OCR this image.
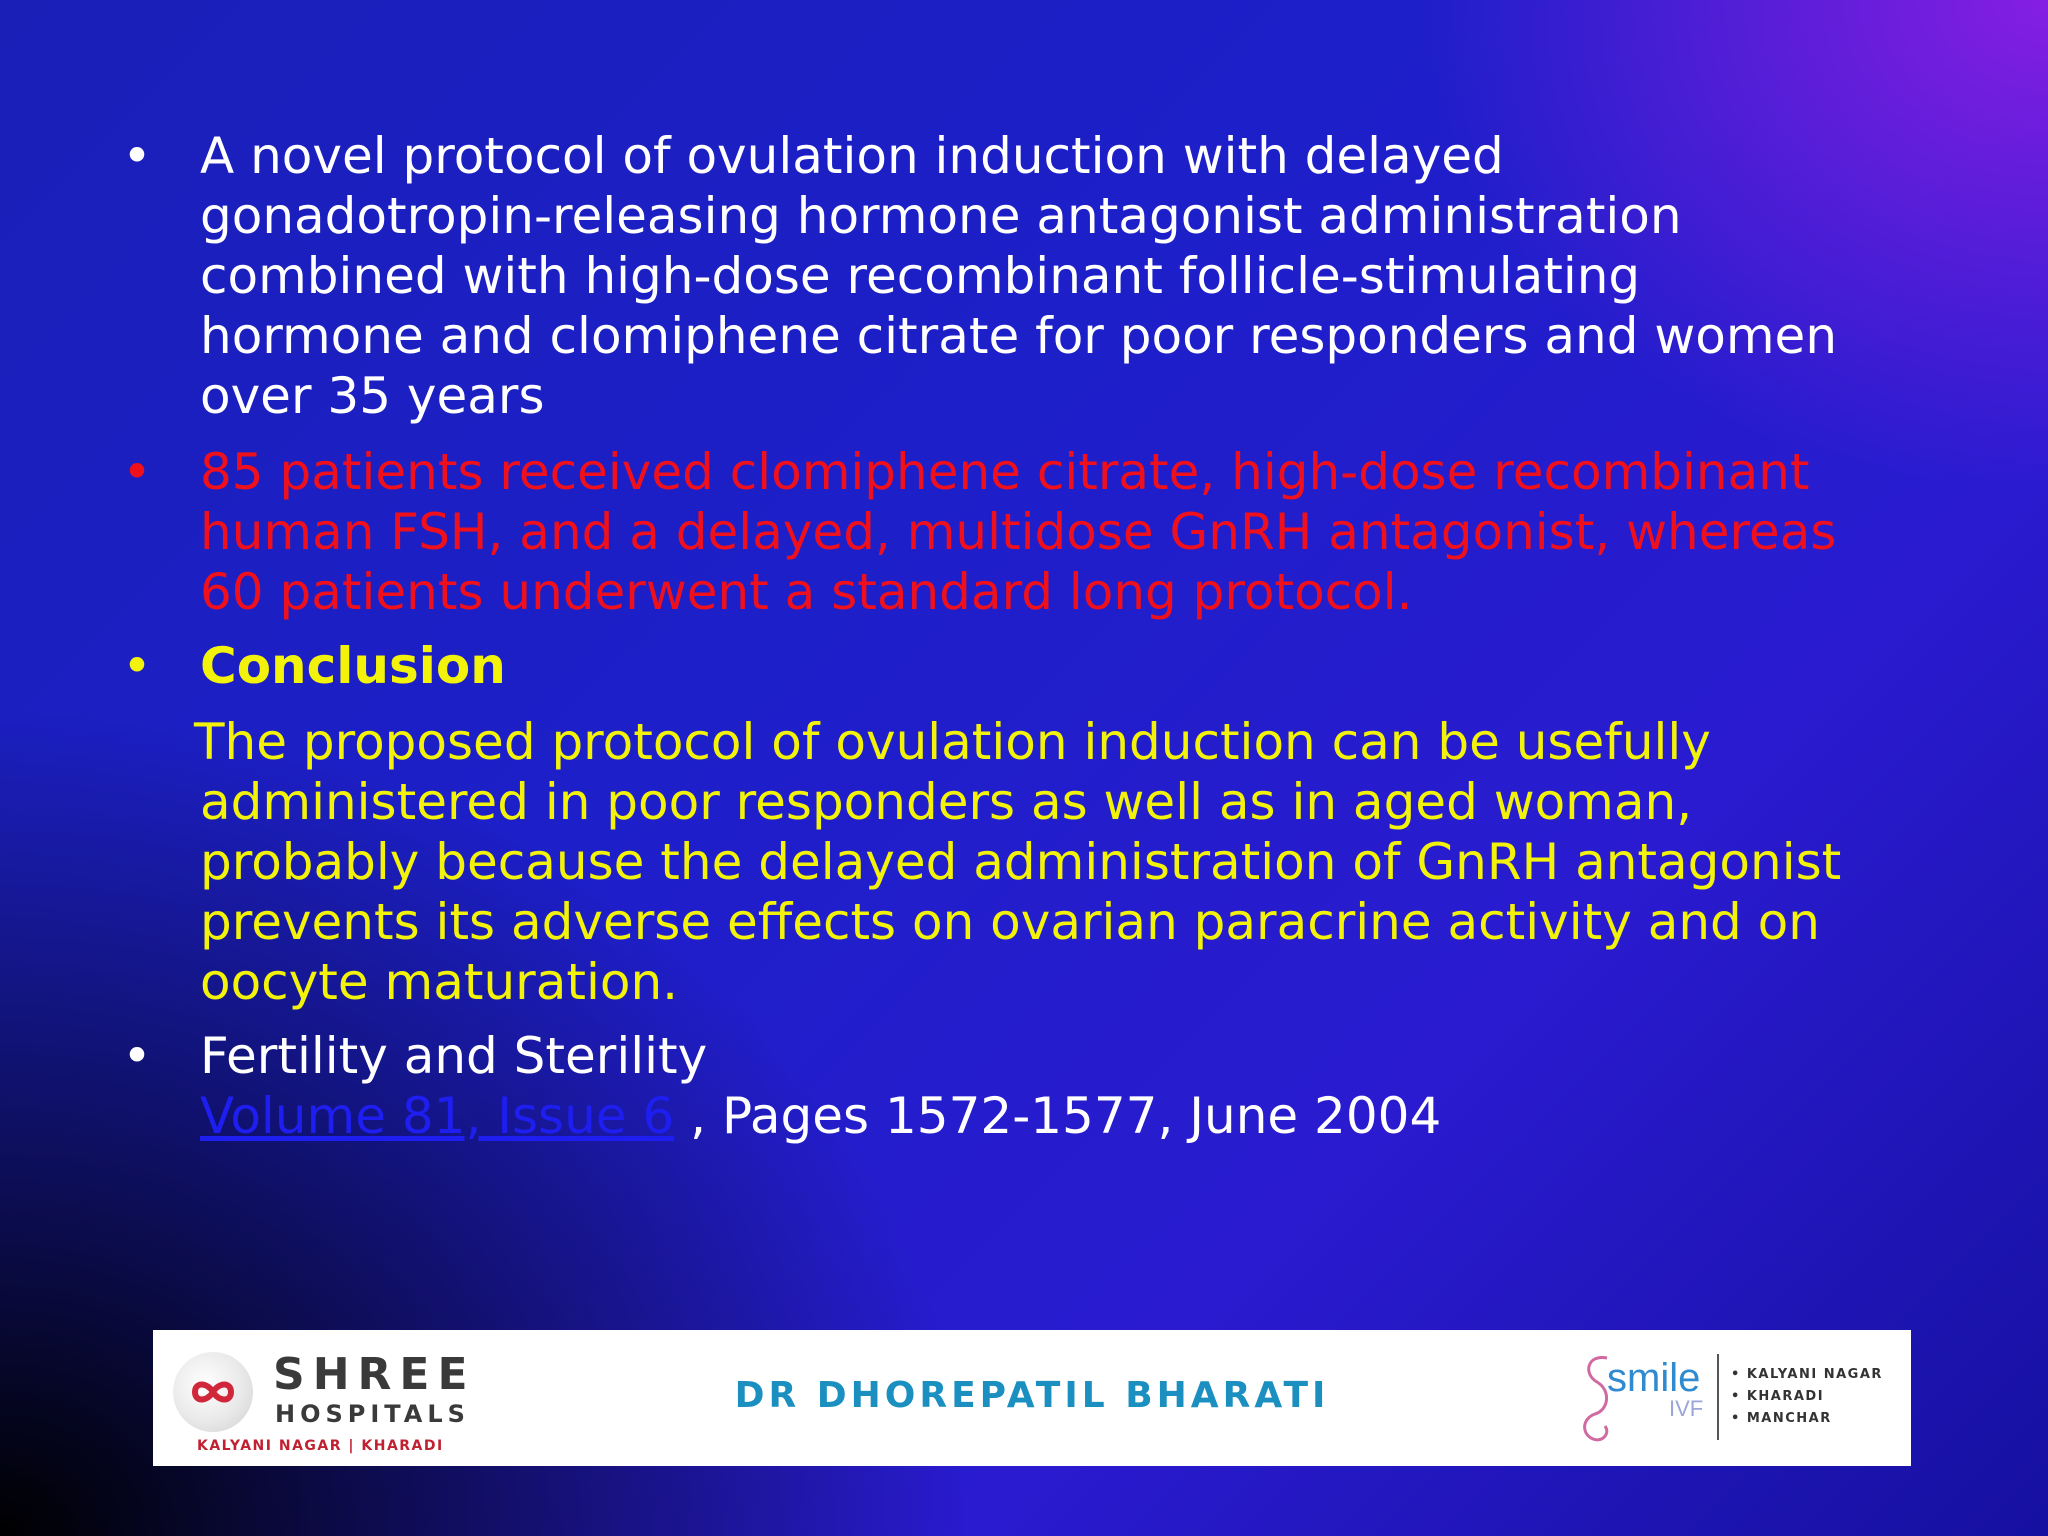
• A novel protocol of ovulation induction with delayed
gonadotropin-releasing hormone antagonist administration
combined with high-dose recombinant follicle-stimulating
hormone and clomiphene citrate for poor responders and women
over 35 years
• 85 patients received clomiphene citrate, high-dose recombinant
human FSH, and a delayed, multidose GnRH antagonist, whereas
60 patients underwent a standard long protocol.
• Conclusion
The proposed protocol of ovulation induction can be usefully
administered in poor responders as well as in aged woman,
probably because the delayed administration of GnRH antagonist
prevents its adverse effects on ovarian paracrine activity and on
oocyte maturation.
• Fertility and Sterility
Volume 81, Issue 6 , Pages 1572-1577, June 2004
SHREE
HOSPITALS
KALYANI NAGAR | KHARADI
DR DHOREPATIL BHARATI	smile
IVF
• KALYANI NAGAR
• KHARADI
• MANCHAR
